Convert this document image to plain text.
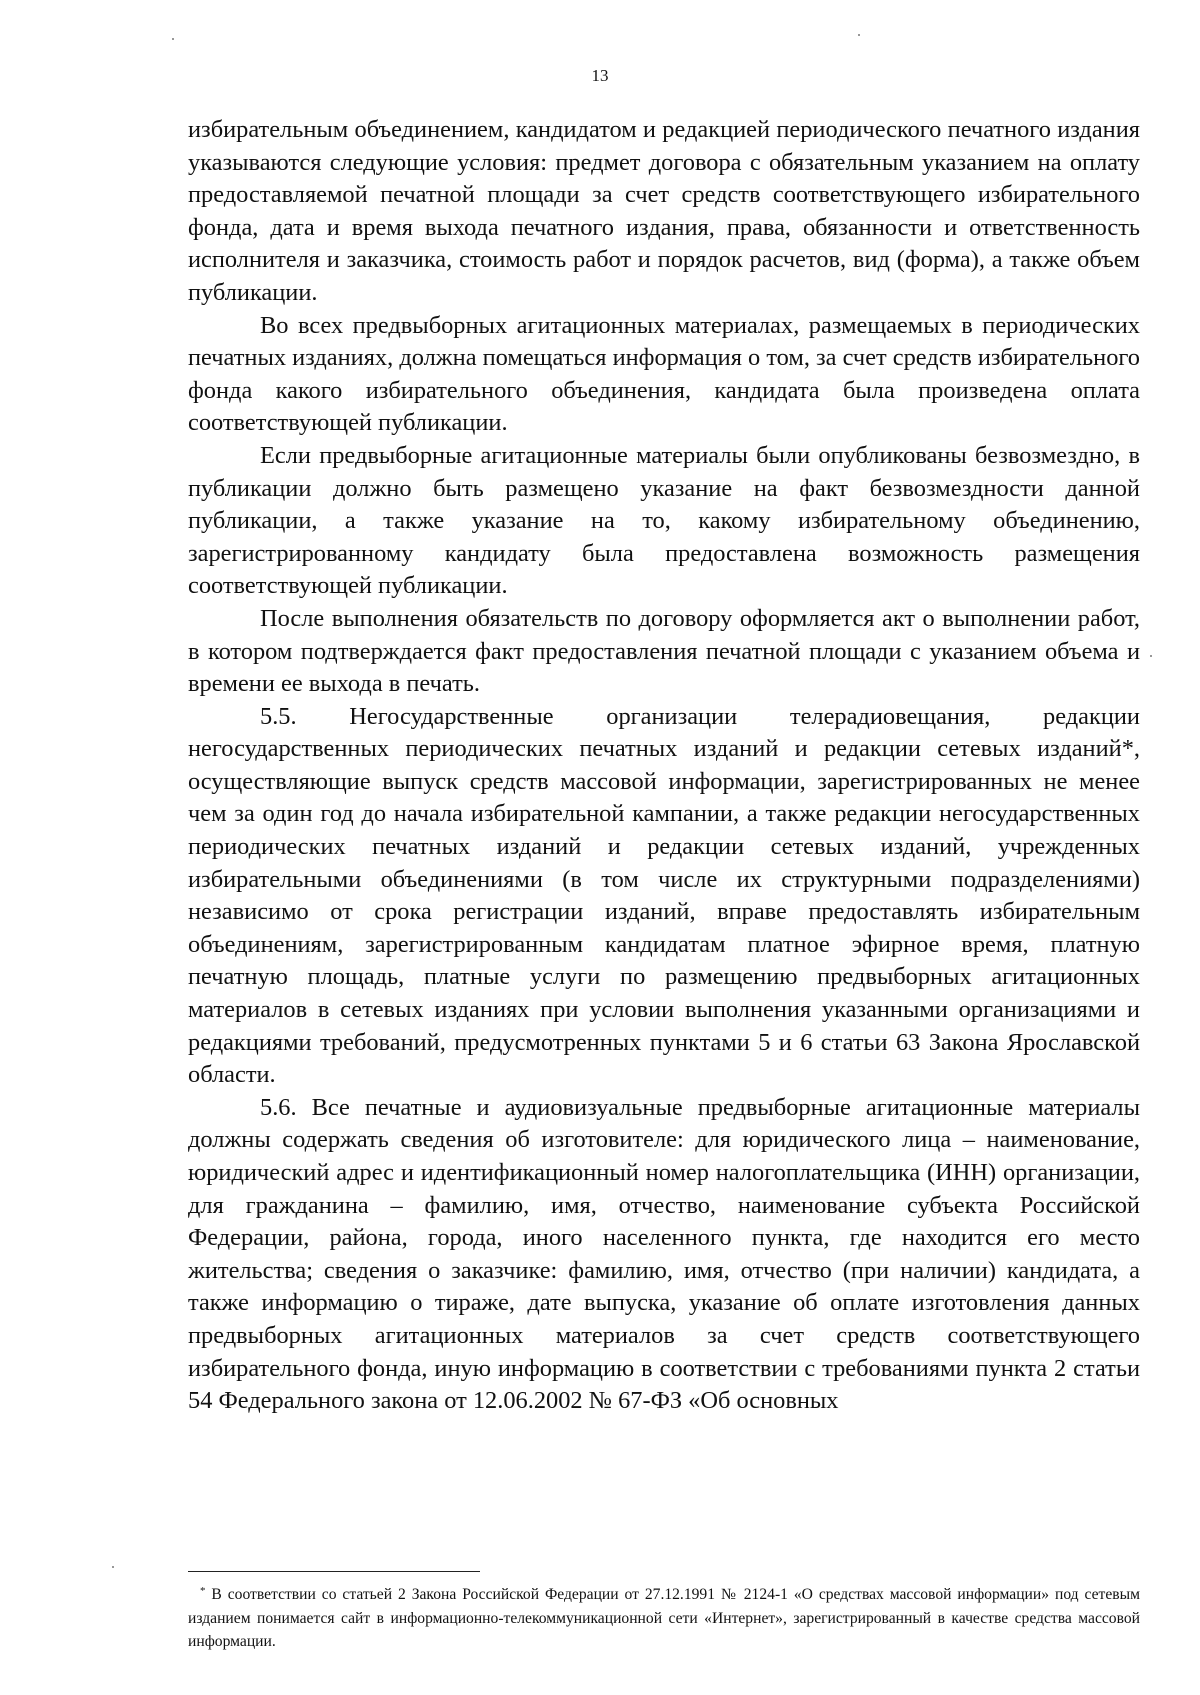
13

избирательным объединением, кандидатом и редакцией периодического печатного издания указываются следующие условия: предмет договора с обязательным указанием на оплату предоставляемой печатной площади за счет средств соответствующего избирательного фонда, дата и время выхода печатного издания, права, обязанности и ответственность исполнителя и заказчика, стоимость работ и порядок расчетов, вид (форма), а также объем публикации.

Во всех предвыборных агитационных материалах, размещаемых в периодических печатных изданиях, должна помещаться информация о том, за счет средств избирательного фонда какого избирательного объединения, кандидата была произведена оплата соответствующей публикации.

Если предвыборные агитационные материалы были опубликованы безвозмездно, в публикации должно быть размещено указание на факт безвозмездности данной публикации, а также указание на то, какому избирательному объединению, зарегистрированному кандидату была предоставлена возможность размещения соответствующей публикации.

После выполнения обязательств по договору оформляется акт о выполнении работ, в котором подтверждается факт предоставления печатной площади с указанием объема и времени ее выхода в печать.

5.5. Негосударственные организации телерадиовещания, редакции негосударственных периодических печатных изданий и редакции сетевых изданий*, осуществляющие выпуск средств массовой информации, зарегистрированных не менее чем за один год до начала избирательной кампании, а также редакции негосударственных периодических печатных изданий и редакции сетевых изданий, учрежденных избирательными объединениями (в том числе их структурными подразделениями) независимо от срока регистрации изданий, вправе предоставлять избирательным объединениям, зарегистрированным кандидатам платное эфирное время, платную печатную площадь, платные услуги по размещению предвыборных агитационных материалов в сетевых изданиях при условии выполнения указанными организациями и редакциями требований, предусмотренных пунктами 5 и 6 статьи 63 Закона Ярославской области.

5.6. Все печатные и аудиовизуальные предвыборные агитационные материалы должны содержать сведения об изготовителе: для юридического лица – наименование, юридический адрес и идентификационный номер налогоплательщика (ИНН) организации, для гражданина – фамилию, имя, отчество, наименование субъекта Российской Федерации, района, города, иного населенного пункта, где находится его место жительства; сведения о заказчике: фамилию, имя, отчество (при наличии) кандидата, а также информацию о тираже, дате выпуска, указание об оплате изготовления данных предвыборных агитационных материалов за счет средств соответствующего избирательного фонда, иную информацию в соответствии с требованиями пункта 2 статьи 54 Федерального закона от 12.06.2002 № 67-ФЗ «Об основных

* В соответствии со статьей 2 Закона Российской Федерации от 27.12.1991 № 2124-1 «О средствах массовой информации» под сетевым изданием понимается сайт в информационно-телекоммуникационной сети «Интернет», зарегистрированный в качестве средства массовой информации.
